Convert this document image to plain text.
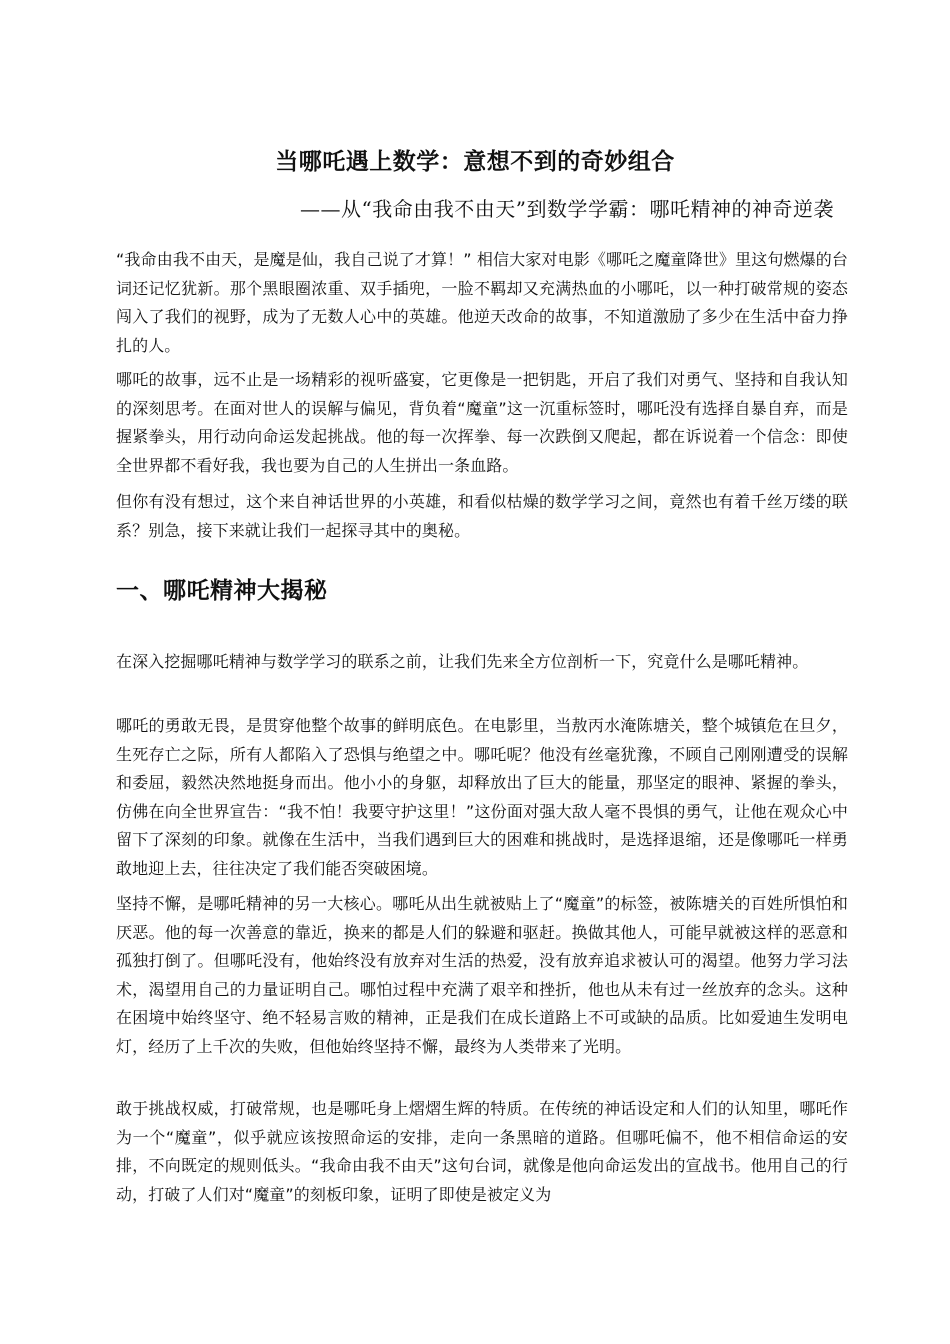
当哪吒遇上数学：意想不到的奇妙组合

——从“我命由我不由天”到数学学霸：哪吒精神的神奇逆袭

“我命由我不由天，是魔是仙，我自己说了才算！” 相信大家对电影《哪吒之魔童降世》里这句燃爆的台词还记忆犹新。那个黑眼圈浓重、双手插兜，一脸不羁却又充满热血的小哪吒，以一种打破常规的姿态闯入了我们的视野，成为了无数人心中的英雄。他逆天改命的故事，不知道激励了多少在生活中奋力挣扎的人。

哪吒的故事，远不止是一场精彩的视听盛宴，它更像是一把钥匙，开启了我们对勇气、坚持和自我认知的深刻思考。在面对世人的误解与偏见，背负着“魔童”这一沉重标签时，哪吒没有选择自暴自弃，而是握紧拳头，用行动向命运发起挑战。他的每一次挥拳、每一次跌倒又爬起，都在诉说着一个信念：即使全世界都不看好我，我也要为自己的人生拼出一条血路。

但你有没有想过，这个来自神话世界的小英雄，和看似枯燥的数学学习之间，竟然也有着千丝万缕的联系？别急，接下来就让我们一起探寻其中的奥秘。

一、哪吒精神大揭秘

在深入挖掘哪吒精神与数学学习的联系之前，让我们先来全方位剖析一下，究竟什么是哪吒精神。

哪吒的勇敢无畏，是贯穿他整个故事的鲜明底色。在电影里，当敖丙水淹陈塘关，整个城镇危在旦夕，生死存亡之际，所有人都陷入了恐惧与绝望之中。哪吒呢？他没有丝毫犹豫，不顾自己刚刚遭受的误解和委屈，毅然决然地挺身而出。他小小的身躯，却释放出了巨大的能量，那坚定的眼神、紧握的拳头，仿佛在向全世界宣告：“我不怕！我要守护这里！”这份面对强大敌人毫不畏惧的勇气，让他在观众心中留下了深刻的印象。就像在生活中，当我们遇到巨大的困难和挑战时，是选择退缩，还是像哪吒一样勇敢地迎上去，往往决定了我们能否突破困境。

坚持不懈，是哪吒精神的另一大核心。哪吒从出生就被贴上了“魔童”的标签，被陈塘关的百姓所惧怕和厌恶。他的每一次善意的靠近，换来的都是人们的躲避和驱赶。换做其他人，可能早就被这样的恶意和孤独打倒了。但哪吒没有，他始终没有放弃对生活的热爱，没有放弃追求被认可的渴望。他努力学习法术，渴望用自己的力量证明自己。哪怕过程中充满了艰辛和挫折，他也从未有过一丝放弃的念头。这种在困境中始终坚守、绝不轻易言败的精神，正是我们在成长道路上不可或缺的品质。比如爱迪生发明电灯，经历了上千次的失败，但他始终坚持不懈，最终为人类带来了光明。

敢于挑战权威，打破常规，也是哪吒身上熠熠生辉的特质。在传统的神话设定和人们的认知里，哪吒作为一个“魔童”，似乎就应该按照命运的安排，走向一条黑暗的道路。但哪吒偏不，他不相信命运的安排，不向既定的规则低头。“我命由我不由天”这句台词，就像是他向命运发出的宣战书。他用自己的行动，打破了人们对“魔童”的刻板印象，证明了即使是被定义为
